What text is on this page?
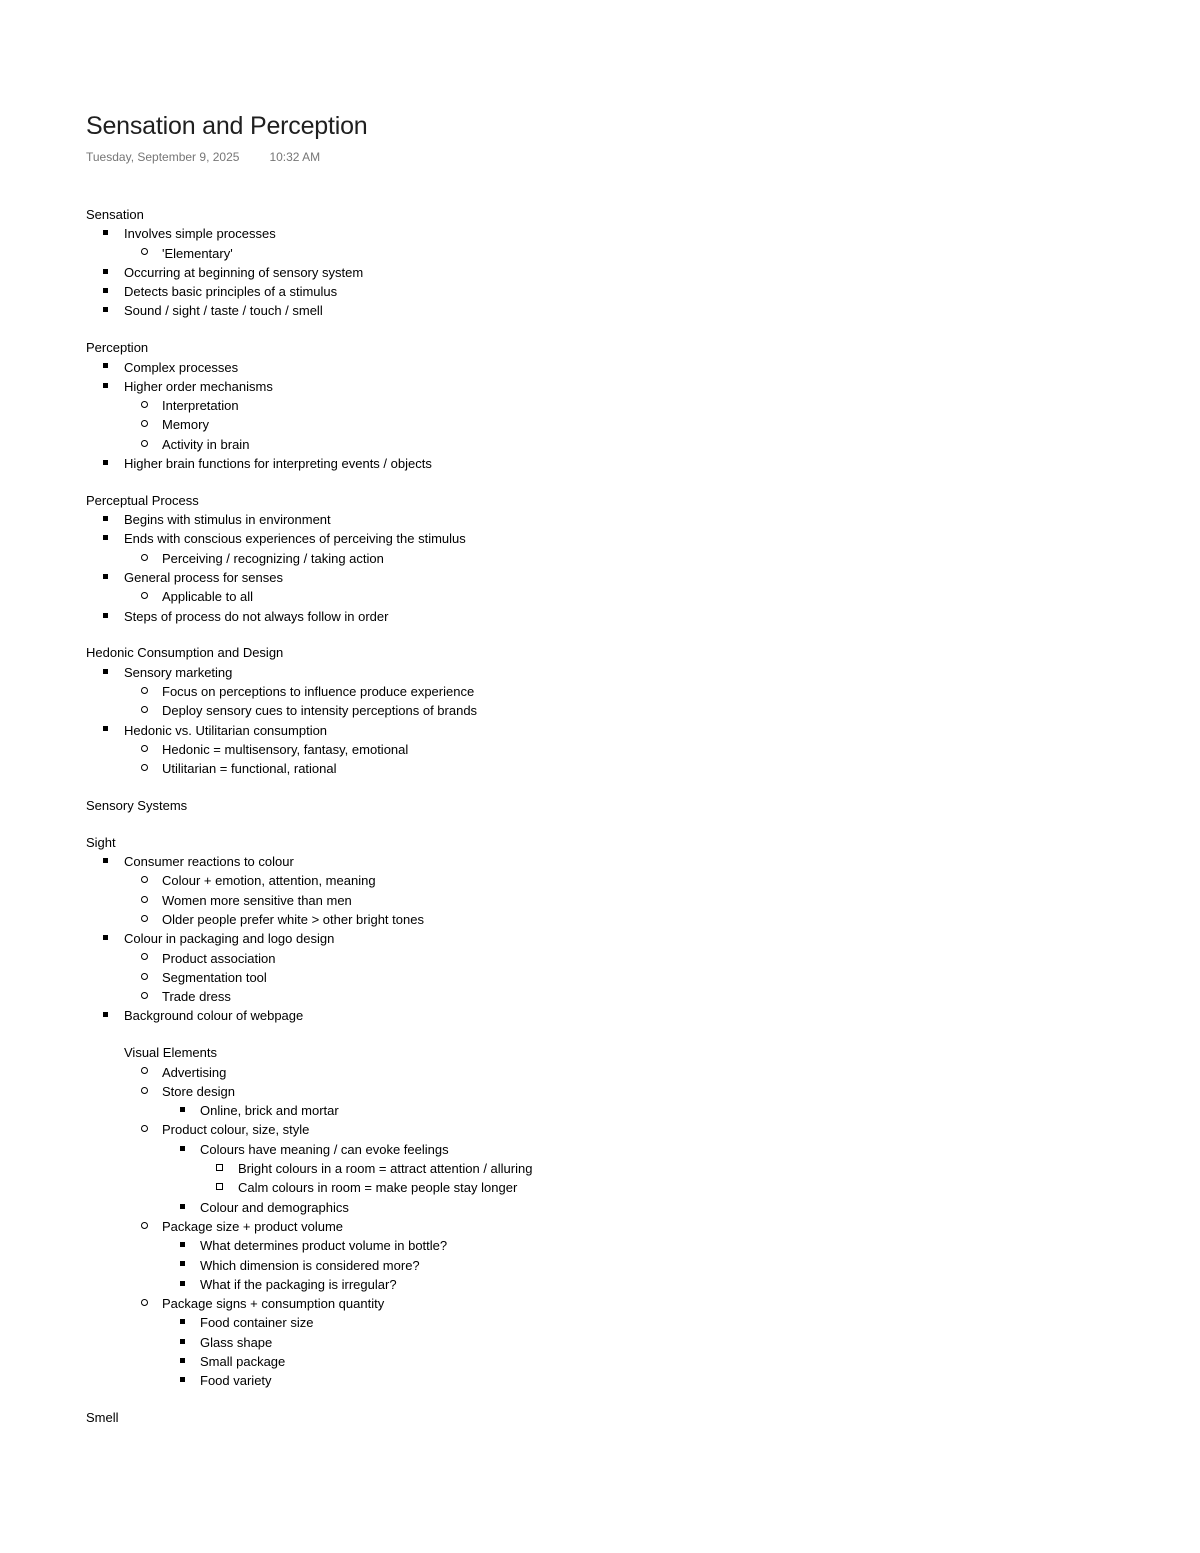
Sensation and Perception
Tuesday, September 9, 2025	10:32 AM
Sensation
Involves simple processes
'Elementary'
Occurring at beginning of sensory system
Detects basic principles of a stimulus
Sound / sight / taste / touch / smell
Perception
Complex processes
Higher order mechanisms
Interpretation
Memory
Activity in brain
Higher brain functions for interpreting events / objects
Perceptual Process
Begins with stimulus in environment
Ends with conscious experiences of perceiving the stimulus
Perceiving / recognizing / taking action
General process for senses
Applicable to all
Steps of process do not always follow in order
Hedonic Consumption and Design
Sensory marketing
Focus on perceptions to influence produce experience
Deploy sensory cues to intensity perceptions of brands
Hedonic vs. Utilitarian consumption
Hedonic = multisensory, fantasy, emotional
Utilitarian = functional, rational
Sensory Systems
Sight
Consumer reactions to colour
Colour + emotion, attention, meaning
Women more sensitive than men
Older people prefer white > other bright tones
Colour in packaging and logo design
Product association
Segmentation tool
Trade dress
Background colour of webpage
Visual Elements
Advertising
Store design
Online, brick and mortar
Product colour, size, style
Colours have meaning / can evoke feelings
Bright colours in a room = attract attention / alluring
Calm colours in room = make people stay longer
Colour and demographics
Package size + product volume
What determines product volume in bottle?
Which dimension is considered more?
What if the packaging is irregular?
Package signs + consumption quantity
Food container size
Glass shape
Small package
Food variety
Smell
